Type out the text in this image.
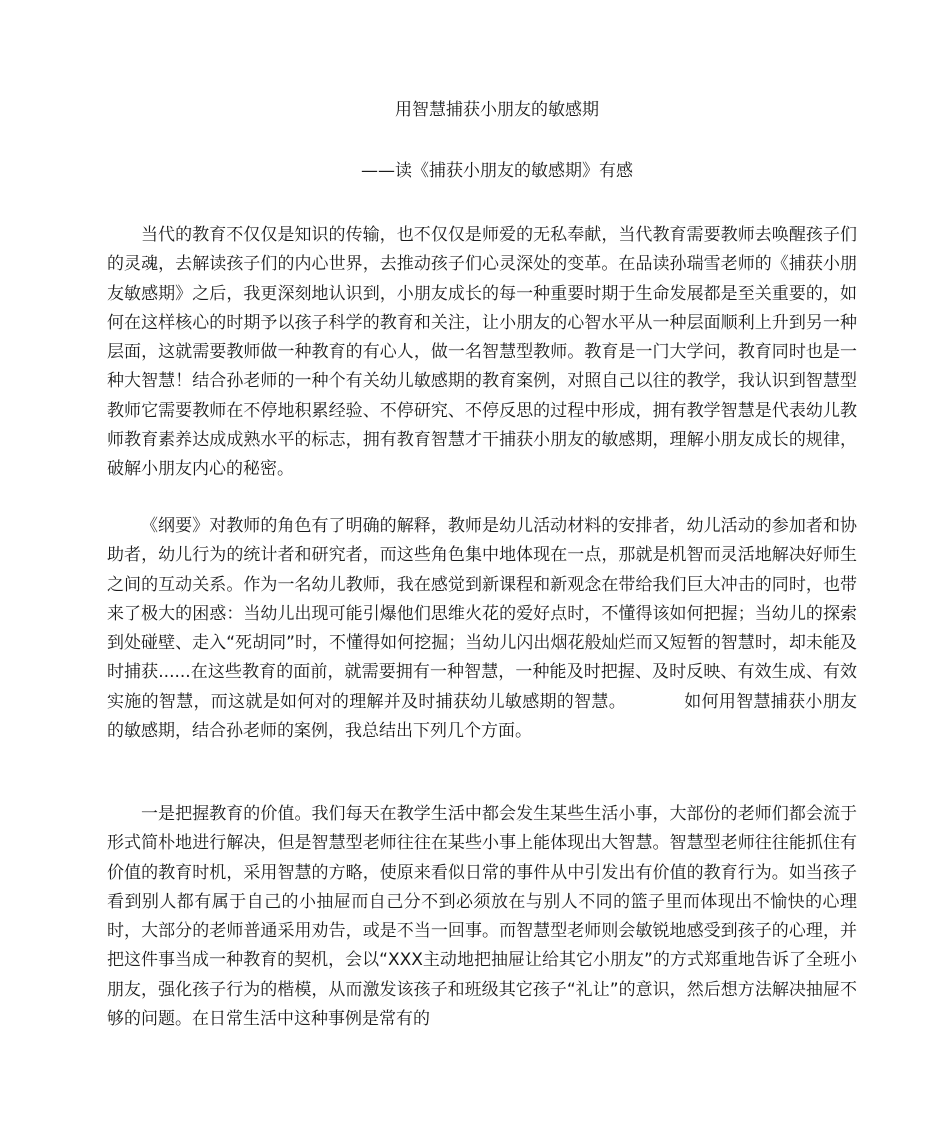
用智慧捕获小朋友的敏感期
——读《捕获小朋友的敏感期》有感

当代的教育不仅仅是知识的传输，也不仅仅是师爱的无私奉献，当代教育需要教师去唤醒孩子们的灵魂，去解读孩子们的内心世界，去推动孩子们心灵深处的变革。在品读孙瑞雪老师的《捕获小朋友敏感期》之后，我更深刻地认识到，小朋友成长的每一种重要时期于生命发展都是至关重要的，如何在这样核心的时期予以孩子科学的教育和关注，让小朋友的心智水平从一种层面顺利上升到另一种层面，这就需要教师做一种教育的有心人，做一名智慧型教师。教育是一门大学问，教育同时也是一种大智慧！结合孙老师的一种个有关幼儿敏感期的教育案例，对照自己以往的教学，我认识到智慧型教师它需要教师在不停地积累经验、不停研究、不停反思的过程中形成，拥有教学智慧是代表幼儿教师教育素养达成成熟水平的标志，拥有教育智慧才干捕获小朋友的敏感期，理解小朋友成长的规律，破解小朋友内心的秘密。

《纲要》对教师的角色有了明确的解释，教师是幼儿活动材料的安排者，幼儿活动的参加者和协助者，幼儿行为的统计者和研究者，而这些角色集中地体现在一点，那就是机智而灵活地解决好师生之间的互动关系。作为一名幼儿教师，我在感觉到新课程和新观念在带给我们巨大冲击的同时，也带来了极大的困惑：当幼儿出现可能引爆他们思维火花的爱好点时，不懂得该如何把握；当幼儿的探索到处碰壁、走入“死胡同”时，不懂得如何挖掘；当幼儿闪出烟花般灿烂而又短暂的智慧时，却未能及时捕获......在这些教育的面前，就需要拥有一种智慧，一种能及时把握、及时反映、有效生成、有效实施的智慧，而这就是如何对的理解并及时捕获幼儿敏感期的智慧。	如何用智慧捕获小朋友的敏感期，结合孙老师的案例，我总结出下列几个方面。

一是把握教育的价值。我们每天在教学生活中都会发生某些生活小事，大部份的老师们都会流于形式简朴地进行解决，但是智慧型老师往往在某些小事上能体现出大智慧。智慧型老师往往能抓住有价值的教育时机，采用智慧的方略，使原来看似日常的事件从中引发出有价值的教育行为。如当孩子看到别人都有属于自己的小抽屉而自己分不到必须放在与别人不同的篮子里而体现出不愉快的心理时，大部分的老师普通采用劝告，或是不当一回事。而智慧型老师则会敏锐地感受到孩子的心理，并把这件事当成一种教育的契机，会以“XXX主动地把抽屉让给其它小朋友”的方式郑重地告诉了全班小朋友，强化孩子行为的楷模，从而激发该孩子和班级其它孩子“礼让”的意识，然后想方法解决抽屉不够的问题。在日常生活中这种事例是常有的
